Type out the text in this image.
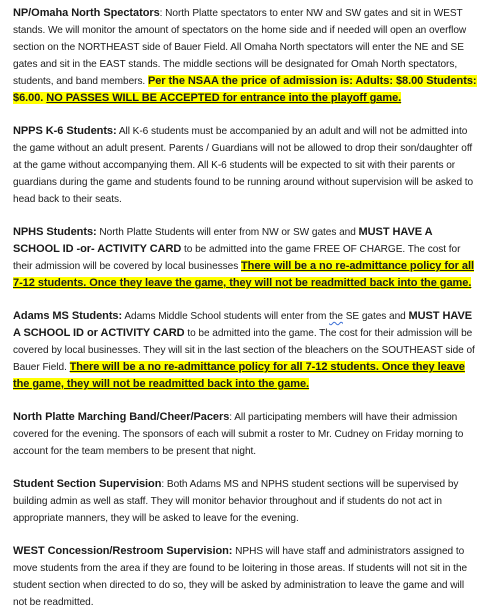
NP/Omaha North Spectators: North Platte spectators to enter NW and SW gates and sit in WEST stands. We will monitor the amount of spectators on the home side and if needed will open an overflow section on the NORTHEAST side of Bauer Field. All Omaha North spectators will enter the NE and SE gates and sit in the EAST stands. The middle sections will be designated for Omah North spectators, students, and band members. Per the NSAA the price of admission is: Adults: $8.00 Students: $6.00. NO PASSES WILL BE ACCEPTED for entrance into the playoff game.

NPPS K-6 Students: All K-6 students must be accompanied by an adult and will not be admitted into the game without an adult present. Parents / Guardians will not be allowed to drop their son/daughter off at the game without accompanying them. All K-6 students will be expected to sit with their parents or guardians during the game and students found to be running around without supervision will be asked to head back to their seats.

NPHS Students: North Platte Students will enter from NW or SW gates and MUST HAVE A SCHOOL ID -or- ACTIVITY CARD to be admitted into the game FREE OF CHARGE. The cost for their admission will be covered by local businesses There will be a no re-admittance policy for all 7-12 students. Once they leave the game, they will not be readmitted back into the game.

Adams MS Students: Adams Middle School students will enter from the SE gates and MUST HAVE A SCHOOL ID or ACTIVITY CARD to be admitted into the game. The cost for their admission will be covered by local businesses. They will sit in the last section of the bleachers on the SOUTHEAST side of Bauer Field. There will be a no re-admittance policy for all 7-12 students. Once they leave the game, they will not be readmitted back into the game.

North Platte Marching Band/Cheer/Pacers: All participating members will have their admission covered for the evening. The sponsors of each will submit a roster to Mr. Cudney on Friday morning to account for the team members to be present that night.

Student Section Supervision: Both Adams MS and NPHS student sections will be supervised by building admin as well as staff. They will monitor behavior throughout and if students do not act in appropriate manners, they will be asked to leave for the evening.

WEST Concession/Restroom Supervision: NPHS will have staff and administrators assigned to move students from the area if they are found to be loitering in those areas. If students will not sit in the student section when directed to do so, they will be asked by administration to leave the game and will not be readmitted.
